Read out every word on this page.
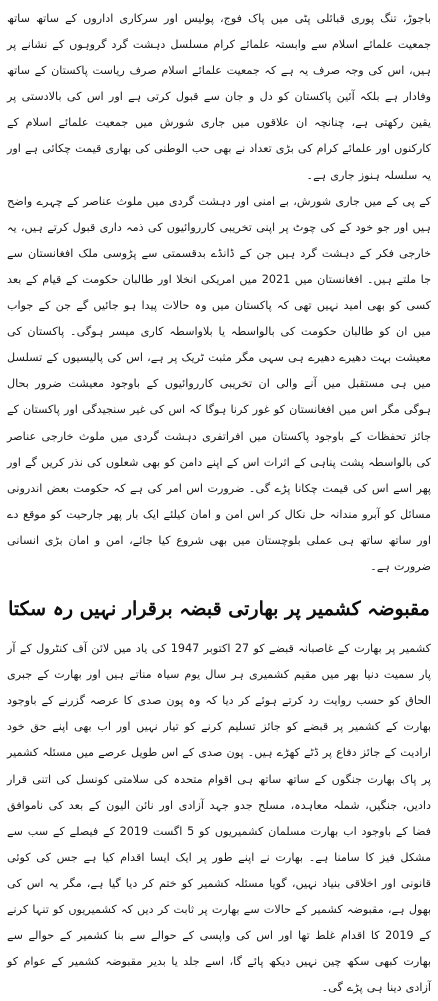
باجوڑ، تنگ پوری قبائلی پٹی میں پاک فوج، پولیس اور سرکاری اداروں کے ساتھ ساتھ جمعیت علمائے اسلام سے وابستہ علمائے کرام مسلسل دہشت گرد گروہوں کے نشانے پر ہیں، اس کی وجہ صرف یہ ہے کہ جمعیت علمائے اسلام صرف ریاست پاکستان کے ساتھ وفادار ہے بلکہ آئین پاکستان کو دل و جان سے قبول کرتی ہے اور اس کی بالادستی پر یقین رکھتی ہے، چنانچہ ان علاقوں میں جاری شورش میں جمعیت علمائے اسلام کے کارکنوں اور علمائے کرام کی بڑی تعداد نے بھی حب الوطنی کی بھاری قیمت چکائی ہے اور یہ سلسلہ ہنوز جاری ہے۔

کے پی کے میں جاری شورش، بے امنی اور دہشت گردی میں ملوث عناصر کے چہرے واضح ہیں اور جو خود کے کی چوٹ پر اپنی تخریبی کارروائیوں کی ذمہ داری قبول کرتے ہیں، یہ خارجی فکر کے دہشت گرد ہیں جن کے ڈانڈے بدقسمتی سے پڑوسی ملک افغانستان سے جا ملتے ہیں۔ افغانستان میں 2021 میں امریکی انخلا اور طالبان حکومت کے قیام کے بعد کسی کو بھی امید نہیں تھی کہ پاکستان میں وہ حالات پیدا ہو جائیں گے جن کے جواب میں ان کو طالبان حکومت کی بالواسطہ یا بلاواسطہ کاری میسر ہوگی۔ پاکستان کی معیشت بہت دھیرے دھیرے ہی سہی مگر مثبت ٹریک پر ہے، اس کی پالیسیوں کے تسلسل میں ہی مستقبل میں آنے والی ان تخریبی کارروائیوں کے باوجود معیشت ضرور بحال ہوگی مگر اس میں افغانستان کو غور کرنا ہوگا کہ اس کی غیر سنجیدگی اور پاکستان کے جائز تحفظات کے باوجود پاکستان میں افراتفری دہشت گردی میں ملوث خارجی عناصر کی بالواسطہ پشت پناہی کے اثرات اس کے اپنے دامن کو بھی شعلوں کی نذر کریں گے اور پھر اسے اس کی قیمت چکانا پڑے گی۔ ضرورت اس امر کی ہے کہ حکومت بعض اندرونی مسائل کو آبرو مندانہ حل نکال کر اس امن و امان کیلئے ایک بار پھر جارحیت کو موقع دے اور ساتھ ساتھ ہی عملی بلوچستان میں بھی شروع کیا جائے، امن و امان بڑی انسانی ضرورت ہے۔

مقبوضہ کشمیر پر بھارتی قبضہ برقرار نہیں رہ سکتا

کشمیر پر بھارت کے غاصبانہ قبضے کو 27 اکتوبر 1947 کی یاد میں لائن آف کنٹرول کے آر پار سمیت دنیا بھر میں مقیم کشمیری ہر سال یوم سیاہ مناتے ہیں اور بھارت کے جبری الحاق کو حسب روایت رد کرتے ہوئے کر دیا کہ وہ پون صدی کا عرصہ گزرنے کے باوجود بھارت کے کشمیر پر قبضے کو جائز تسلیم کرنے کو تیار نہیں اور اب بھی اپنے حق خود ارادیت کے جائز دفاع پر ڈٹے کھڑے ہیں۔ پون صدی کے اس طویل عرصے میں مسئلہ کشمیر پر پاک بھارت جنگوں کے ساتھ ساتھ ہی اقوام متحدہ کی سلامتی کونسل کی اتنی قرار دادیں، جنگیں، شملہ معاہدہ، مسلح جدو جہد آزادی اور نائن الیون کے بعد کی ناموافق فضا کے باوجود اب بھارت مسلمان کشمیریوں کو 5 اگست 2019 کے فیصلے کے سب سے مشکل فیز کا سامنا ہے۔ بھارت نے اپنے طور پر ایک ایسا اقدام کیا ہے جس کی کوئی قانونی اور اخلاقی بنیاد نہیں، گویا مسئلہ کشمیر کو ختم کر دیا گیا ہے، مگر یہ اس کی بھول ہے، مقبوضہ کشمیر کے حالات سے بھارت پر ثابت کر دیں کہ کشمیریوں کو تنہا کرنے کے 2019 کا اقدام غلط تھا اور اس کی واپسی کے حوالے سے بنا کشمیر کے حوالے سے بھارت کبھی سکھ چین نہیں دیکھ پائے گا، اسے جلد یا بدیر مقبوضہ کشمیر کے عوام کو آزادی دینا ہی پڑے گی۔
